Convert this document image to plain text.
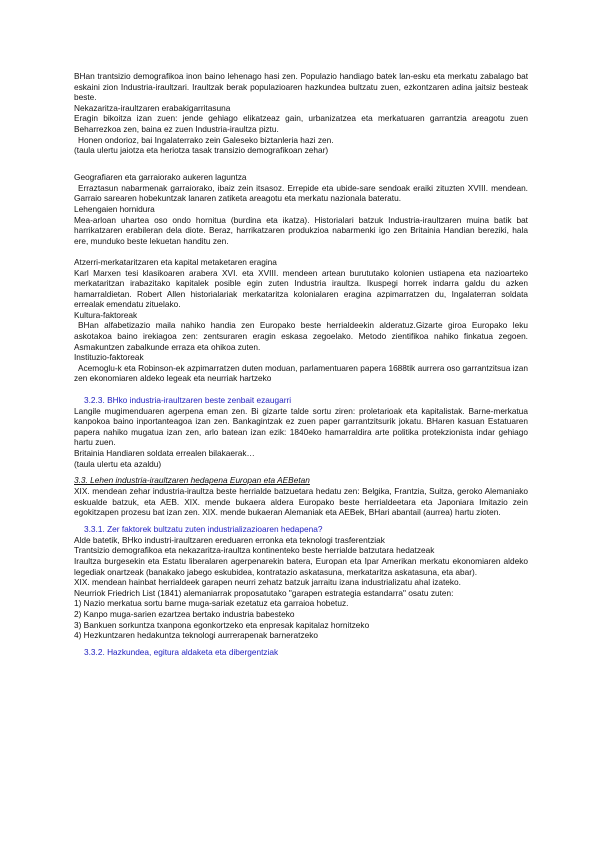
BHan trantsizio demografikoa inon baino lehenago hasi zen. Populazio handiago batek lan-esku eta merkatu zabalago bat eskaini zion Industria-iraultzari. Iraultzak berak populazioaren hazkundea bultzatu zuen, ezkontzaren adina jaitsiz besteak beste.

Nekazaritza-iraultzaren erabakigarritasuna

Eragin bikoitza izan zuen: jende gehiago elikatzeaz gain, urbanizatzea eta merkatuaren garrantzia areagotu zuen Beharrezkoa zen, baina ez zuen Industria-iraultza piztu.

Honen ondorioz, bai Ingalaterrako zein Galeseko biztanleria hazi zen.

(taula ulertu jaiotza eta heriotza tasak transizio demografikoan zehar)

Geografiaren eta garraiorako aukeren laguntza

Erraztasun nabarmenak garraiorako, ibaiz zein itsasoz. Errepide eta ubide-sare sendoak eraiki zituzten XVIII. mendean. Garraio sarearen hobekuntzak lanaren zatiketa areagotu eta merkatu nazionala bateratu.

Lehengaien hornidura

Mea-arloan uhartea oso ondo hornitua (burdina eta ikatza). Historialari batzuk Industria-iraultzaren muina batik bat harrikatzaren erabileran dela diote. Beraz, harrikatzaren produkzioa nabarmenki igo zen Britainia Handian bereziki, hala ere, munduko beste lekuetan handitu zen.

Atzerri-merkataritzaren eta kapital metaketaren eragina

Karl Marxen tesi klasikoaren arabera XVI. eta XVIII. mendeen artean burututako kolonien ustiapena eta nazioarteko merkataritzan irabazitako kapitalek posible egin zuten Industria iraultza. Ikuspegi horrek indarra galdu du azken hamarraldietan. Robert Allen historialariak merkataritza kolonialaren eragina azpimarratzen du, Ingalaterran soldata errealak emendatu zituelako.

Kultura-faktoreak

BHan alfabetizazio maila nahiko handia zen Europako beste herrialdeekin alderatuz.Gizarte giroa Europako leku askotakoa baino irekiagoa zen: zentsuraren eragin eskasa zegoelako. Metodo zientifikoa nahiko finkatua zegoen. Asmakuntzen zabalkunde erraza eta ohikoa zuten.

Instituzio-faktoreak

Acemoglu-k eta Robinson-ek azpimarratzen duten moduan, parlamentuaren papera 1688tik aurrera oso garrantzitsua izan zen ekonomiaren aldeko legeak eta neurriak hartzeko

3.2.3. BHko industria-iraultzaren beste zenbait ezaugarri

Langile mugimenduaren agerpena eman zen. Bi gizarte talde sortu ziren: proletarioak eta kapitalistak. Barne-merkatua kanpokoa baino inportanteagoa izan zen. Bankagintzak ez zuen paper garrantzitsurik jokatu. BHaren kasuan Estatuaren papera nahiko mugatua izan zen, arlo batean izan ezik: 1840eko hamarraldira arte politika protekzionista indar gehiago hartu zuen.

Britainia Handiaren soldata errealen bilakaerak…

(taula ulertu eta azaldu)

3.3. Lehen industria-iraultzaren hedapena Europan eta AEBetan

XIX. mendean zehar industria-iraultza beste herrialde batzuetara hedatu zen: Belgika, Frantzia, Suitza, geroko Alemaniako eskualde batzuk, eta AEB. XIX. mende bukaera aldera Europako beste herrialdeetara eta Japoniara Imitazio zein egokitzapen prozesu bat izan zen. XIX. mende bukaeran Alemaniak eta AEBek, BHari abantail (aurrea) hartu zioten.

3.3.1. Zer faktorek bultzatu zuten industrializazioaren hedapena?

Alde batetik, BHko industri-iraultzaren ereduaren erronka eta teknologi trasferentziak

Trantsizio demografikoa eta nekazaritza-iraultza kontinenteko beste herrialde batzutara hedatzeak

Iraultza burgesekin eta Estatu liberalaren agerpenarekin batera, Europan eta Ipar Amerikan merkatu ekonomiaren aldeko legediak onartzeak (banakako jabego eskubidea, kontratazio askatasuna, merkataritza askatasuna, eta abar).

XIX. mendean hainbat herrialdeek garapen neurri zehatz batzuk jarraitu izana industrializatu ahal izateko.

Neurriok Friedrich List (1841) alemaniarrak proposatutako "garapen estrategia estandarra" osatu zuten:

1) Nazio merkatua sortu barne muga-sariak ezetatuz eta garraioa hobetuz.

2) Kanpo muga-sarien ezartzea bertako industria babesteko

3) Bankuen sorkuntza txanpona egonkortzeko eta enpresak kapitalaz hornitzeko

4) Hezkuntzaren hedakuntza teknologi aurrerapenak barneratzeko

3.3.2. Hazkundea, egitura aldaketa eta dibergentziak
